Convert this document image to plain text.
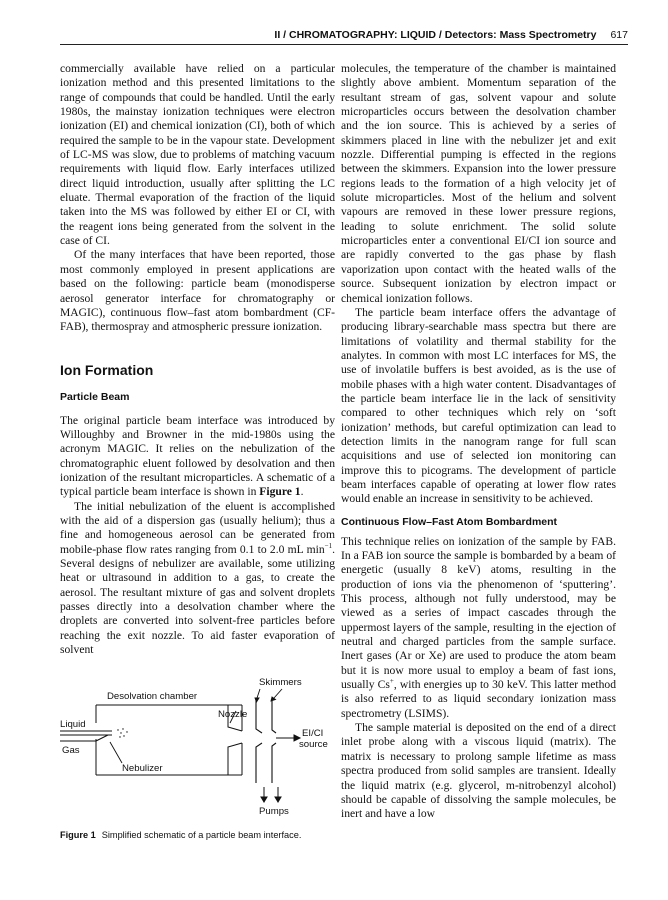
II / CHROMATOGRAPHY: LIQUID / Detectors: Mass Spectrometry 617

commercially available have relied on a particular ionization method and this presented limitations to the range of compounds that could be handled. Until the early 1980s, the mainstay ionization techniques were electron ionization (EI) and chemical ionization (CI), both of which required the sample to be in the vapour state. Development of LC-MS was slow, due to problems of matching vacuum requirements with liquid flow. Early interfaces utilized direct liquid introduction, usually after splitting the LC eluate. Thermal evaporation of the fraction of the liquid taken into the MS was followed by either EI or CI, with the reagent ions being generated from the solvent in the case of CI.

Of the many interfaces that have been reported, those most commonly employed in present applications are based on the following: particle beam (monodisperse aerosol generator interface for chromatography or MAGIC), continuous flow–fast atom bombardment (CF-FAB), thermospray and atmospheric pressure ionization.

Ion Formation
Particle Beam

The original particle beam interface was introduced by Willoughby and Browner in the mid-1980s using the acronym MAGIC. It relies on the nebulization of the chromatographic eluent followed by desolvation and then ionization of the resultant microparticles. A schematic of a typical particle beam interface is shown in Figure 1.

The initial nebulization of the eluent is accomplished with the aid of a dispersion gas (usually helium); thus a fine and homogeneous aerosol can be generated from mobile-phase flow rates ranging from 0.1 to 2.0 mL $\min^{-1}$. Several designs of nebulizer are available, some utilizing heat or ultrasound in addition to a gas, to create the aerosol. The resultant mixture of gas and solvent droplets passes directly into a desolvation chamber where the droplets are converted into solvent-free particles before reaching the exit nozzle. To aid faster evaporation of solvent

Skimmers
Desolvation chamber
Nozzle
Liquid
Gas
Nebulizer
EI/CI
source
Pumps
Figure 1 Simplified schematic of a particle beam interface.

molecules, the temperature of the chamber is maintained slightly above ambient. Momentum separation of the resultant stream of gas, solvent vapour and solute microparticles occurs between the desolvation chamber and the ion source. This is achieved by a series of skimmers placed in line with the nebulizer jet and exit nozzle. Differential pumping is effected in the regions between the skimmers. Expansion into the lower pressure regions leads to the formation of a high velocity jet of solute microparticles. Most of the helium and solvent vapours are removed in these lower pressure regions, leading to solute enrichment. The solid solute microparticles enter a conventional EI/CI ion source and are rapidly converted to the gas phase by flash vaporization upon contact with the heated walls of the source. Subsequent ionization by electron impact or chemical ionization follows.

The particle beam interface offers the advantage of producing library-searchable mass spectra but there are limitations of volatility and thermal stability for the analytes. In common with most LC interfaces for MS, the use of involatile buffers is best avoided, as is the use of mobile phases with a high water content. Disadvantages of the particle beam interface lie in the lack of sensitivity compared to other techniques which rely on ‘soft ionization’ methods, but careful optimization can lead to detection limits in the nanogram range for full scan acquisitions and use of selected ion monitoring can improve this to picograms. The development of particle beam interfaces capable of operating at lower flow rates would enable an increase in sensitivity to be achieved.

Continuous Flow–Fast Atom Bombardment

This technique relies on ionization of the sample by FAB. In a FAB ion source the sample is bombarded by a beam of energetic (usually 8 keV) atoms, resulting in the production of ions via the phenomenon of ‘sputtering’. This process, although not fully understood, may be viewed as a series of impact cascades through the uppermost layers of the sample, resulting in the ejection of neutral and charged particles from the sample surface. Inert gases (Ar or Xe) are used to produce the atom beam but it is now more usual to employ a beam of fast ions, usually Cs+, with energies up to 30 keV. This latter method is also referred to as liquid secondary ionization mass spectrometry (LSIMS).

The sample material is deposited on the end of a direct inlet probe along with a viscous liquid (matrix). The matrix is necessary to prolong sample lifetime as mass spectra produced from solid samples are transient. Ideally the liquid matrix (e.g. glycerol, m-nitrobenzyl alcohol) should be capable of dissolving the sample molecules, be inert and have a low
